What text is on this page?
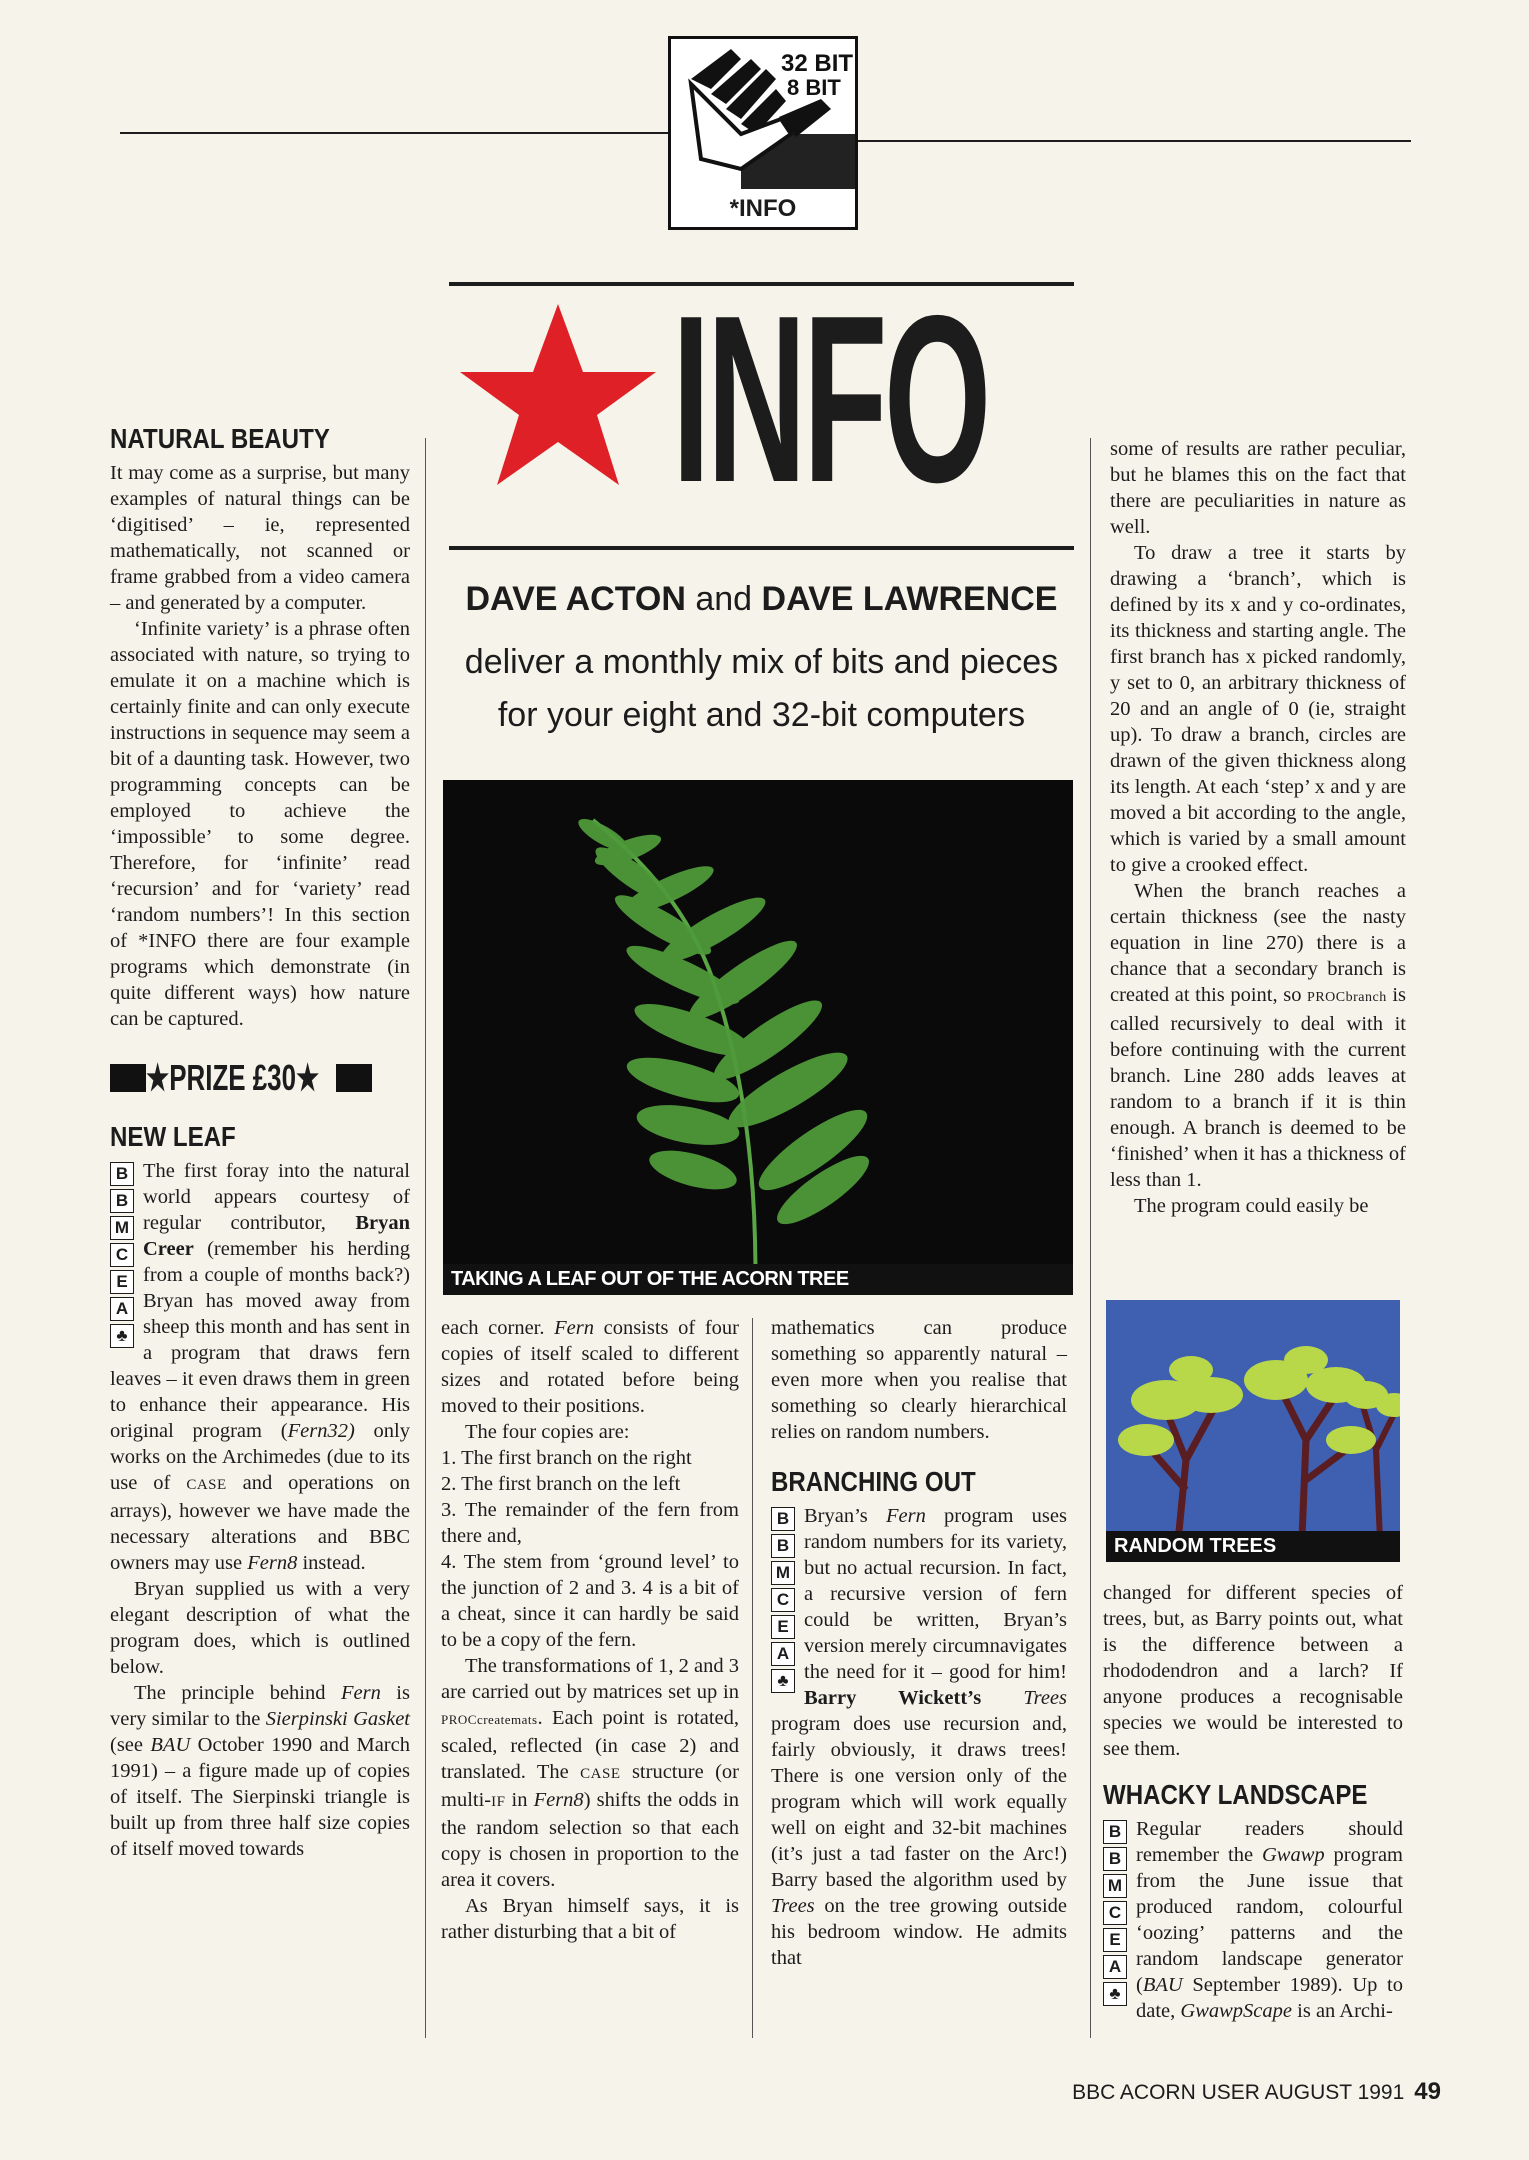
32 BIT
8 BIT
*INFO
INFO
DAVE ACTON and DAVE LAWRENCE
deliver a monthly mix of bits and pieces
for your eight and 32-bit computers
TAKING A LEAF OUT OF THE ACORN TREE
NATURAL BEAUTY

It may come as a surprise, but many examples of natural things can be ‘digitised’ – ie, represented mathematically, not scanned or frame grabbed from a video camera – and generated by a computer.

‘Infinite variety’ is a phrase often associated with nature, so trying to emulate it on a machine which is certainly finite and can only execute instructions in sequence may seem a bit of a daunting task. However, two programming concepts can be employed to achieve the ‘impossible’ to some degree. Therefore, for ‘infinite’ read ‘recursion’ and for ‘variety’ read ‘random numbers’! In this section of *INFO there are four example programs which demonstrate (in quite different ways) how nature can be captured.

★PRIZE £30★
NEW LEAF
B
B
M
C
E
A
♣

The first foray into the natural world appears courtesy of regular contributor, Bryan Creer (remember his herding from a couple of months back?) Bryan has moved away from sheep this month and has sent in a program that draws fern leaves – it even draws them in green to enhance their appearance. His original program (Fern32) only works on the Archimedes (due to its use of CASE and operations on arrays), however we have made the necessary alterations and BBC owners may use Fern8 instead.

Bryan supplied us with a very elegant description of what the program does, which is outlined below.

The principle behind Fern is very similar to the Sierpinski Gasket (see BAU October 1990 and March 1991) – a figure made up of copies of itself. The Sierpinski triangle is built up from three half size copies of itself moved towards

each corner. Fern consists of four copies of itself scaled to different sizes and rotated before being moved to their positions.

The four copies are:

1. The first branch on the right

2. The first branch on the left

3. The remainder of the fern from there and,

4. The stem from ‘ground level’ to the junction of 2 and 3. 4 is a bit of a cheat, since it can hardly be said to be a copy of the fern.

The transformations of 1, 2 and 3 are carried out by matrices set up in PROCcreatemats. Each point is rotated, scaled, reflected (in case 2) and translated. The CASE structure (or multi-IF in Fern8) shifts the odds in the random selection so that each copy is chosen in proportion to the area it covers.

As Bryan himself says, it is rather disturbing that a bit of

mathematics can produce something so apparently natural – even more when you realise that something so clearly hierarchical relies on random numbers.

BRANCHING OUT
B
B
M
C
E
A
♣

Bryan’s Fern program uses random numbers for its variety, but no actual recursion. In fact, a recursive version of fern could be written, Bryan’s version merely circumnavigates the need for it – good for him! Barry Wickett’s Trees program does use recursion and, fairly obviously, it draws trees! There is one version only of the program which will work equally well on eight and 32-bit machines (it’s just a tad faster on the Arc!) Barry based the algorithm used by Trees on the tree growing outside his bedroom window. He admits that

some of results are rather peculiar, but he blames this on the fact that there are peculiarities in nature as well.

To draw a tree it starts by drawing a ‘branch’, which is defined by its x and y co-ordinates, its thickness and starting angle. The first branch has x picked randomly, y set to 0, an arbitrary thickness of 20 and an angle of 0 (ie, straight up). To draw a branch, circles are drawn of the given thickness along its length. At each ‘step’ x and y are moved a bit according to the angle, which is varied by a small amount to give a crooked effect.

When the branch reaches a certain thickness (see the nasty equation in line 270) there is a chance that a secondary branch is created at this point, so PROCbranch is called recursively to deal with it before continuing with the current branch. Line 280 adds leaves at random to a branch if it is thin enough. A branch is deemed to be ‘finished’ when it has a thickness of less than 1.

The program could easily be

RANDOM TREES

changed for different species of trees, but, as Barry points out, what is the difference between a rhododendron and a larch? If anyone produces a recognisable species we would be interested to see them.

WHACKY LANDSCAPE
B
B
M
C
E
A
♣

Regular readers should remember the Gwawp program from the June issue that produced random, colourful ‘oozing’ patterns and the random landscape generator (BAU September 1989). Up to date, GwawpScape is an Archi-

BBC ACORN USER AUGUST 1991 49
